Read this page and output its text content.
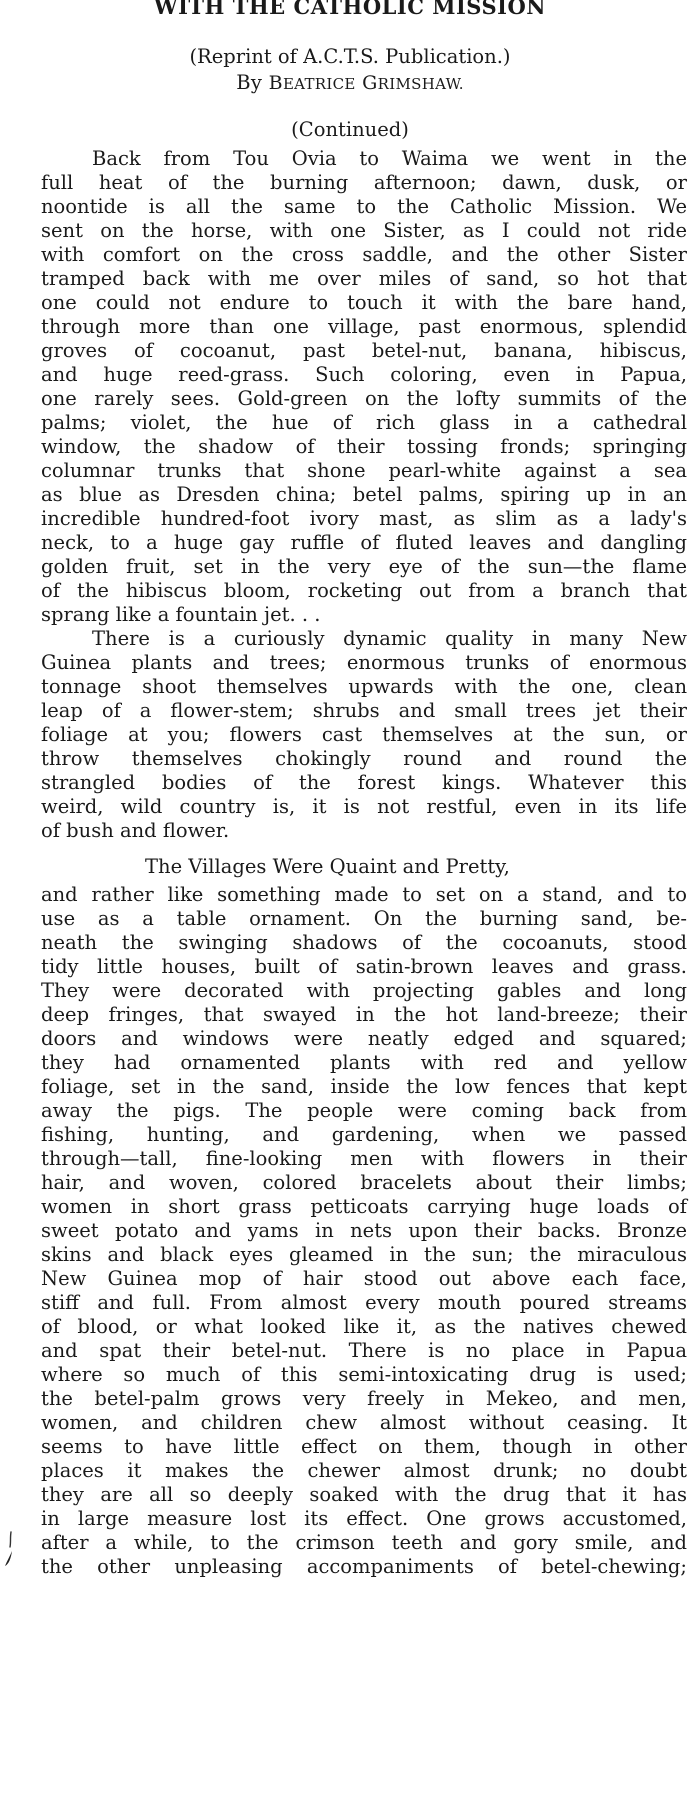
WITH THE CATHOLIC MISSION
(Reprint of A.C.T.S. Publication.)
By BEATRICE GRIMSHAW.
(Continued)
Back from Tou Ovia to Waima we went in the
full heat of the burning afternoon; dawn, dusk, or
noontide is all the same to the Catholic Mission. We
sent on the horse, with one Sister, as I could not ride
with comfort on the cross saddle, and the other Sister
tramped back with me over miles of sand, so hot that
one could not endure to touch it with the bare hand,
through more than one village, past enormous, splendid
groves of cocoanut, past betel-nut, banana, hibiscus,
and huge reed-grass. Such coloring, even in Papua,
one rarely sees. Gold-green on the lofty summits of the
palms; violet, the hue of rich glass in a cathedral
window, the shadow of their tossing fronds; springing
columnar trunks that shone pearl-white against a sea
as blue as Dresden china; betel palms, spiring up in an
incredible hundred-foot ivory mast, as slim as a lady's
neck, to a huge gay ruffle of fluted leaves and dangling
golden fruit, set in the very eye of the sun—the flame
of the hibiscus bloom, rocketing out from a branch that
sprang like a fountain jet. . .
There is a curiously dynamic quality in many New
Guinea plants and trees; enormous trunks of enormous
tonnage shoot themselves upwards with the one, clean
leap of a flower-stem; shrubs and small trees jet their
foliage at you; flowers cast themselves at the sun, or
throw themselves chokingly round and round the
strangled bodies of the forest kings. Whatever this
weird, wild country is, it is not restful, even in its life
of bush and flower.
The Villages Were Quaint and Pretty,
and rather like something made to set on a stand, and to
use as a table ornament. On the burning sand, be-
neath the swinging shadows of the cocoanuts, stood
tidy little houses, built of satin-brown leaves and grass.
They were decorated with projecting gables and long
deep fringes, that swayed in the hot land-breeze; their
doors and windows were neatly edged and squared;
they had ornamented plants with red and yellow
foliage, set in the sand, inside the low fences that kept
away the pigs. The people were coming back from
fishing, hunting, and gardening, when we passed
through—tall, fine-looking men with flowers in their
hair, and woven, colored bracelets about their limbs;
women in short grass petticoats carrying huge loads of
sweet potato and yams in nets upon their backs. Bronze
skins and black eyes gleamed in the sun; the miraculous
New Guinea mop of hair stood out above each face,
stiff and full. From almost every mouth poured streams
of blood, or what looked like it, as the natives chewed
and spat their betel-nut. There is no place in Papua
where so much of this semi-intoxicating drug is used;
the betel-palm grows very freely in Mekeo, and men,
women, and children chew almost without ceasing. It
seems to have little effect on them, though in other
places it makes the chewer almost drunk; no doubt
they are all so deeply soaked with the drug that it has
in large measure lost its effect. One grows accustomed,
after a while, to the crimson teeth and gory smile, and
the other unpleasing accompaniments of betel-chewing;
